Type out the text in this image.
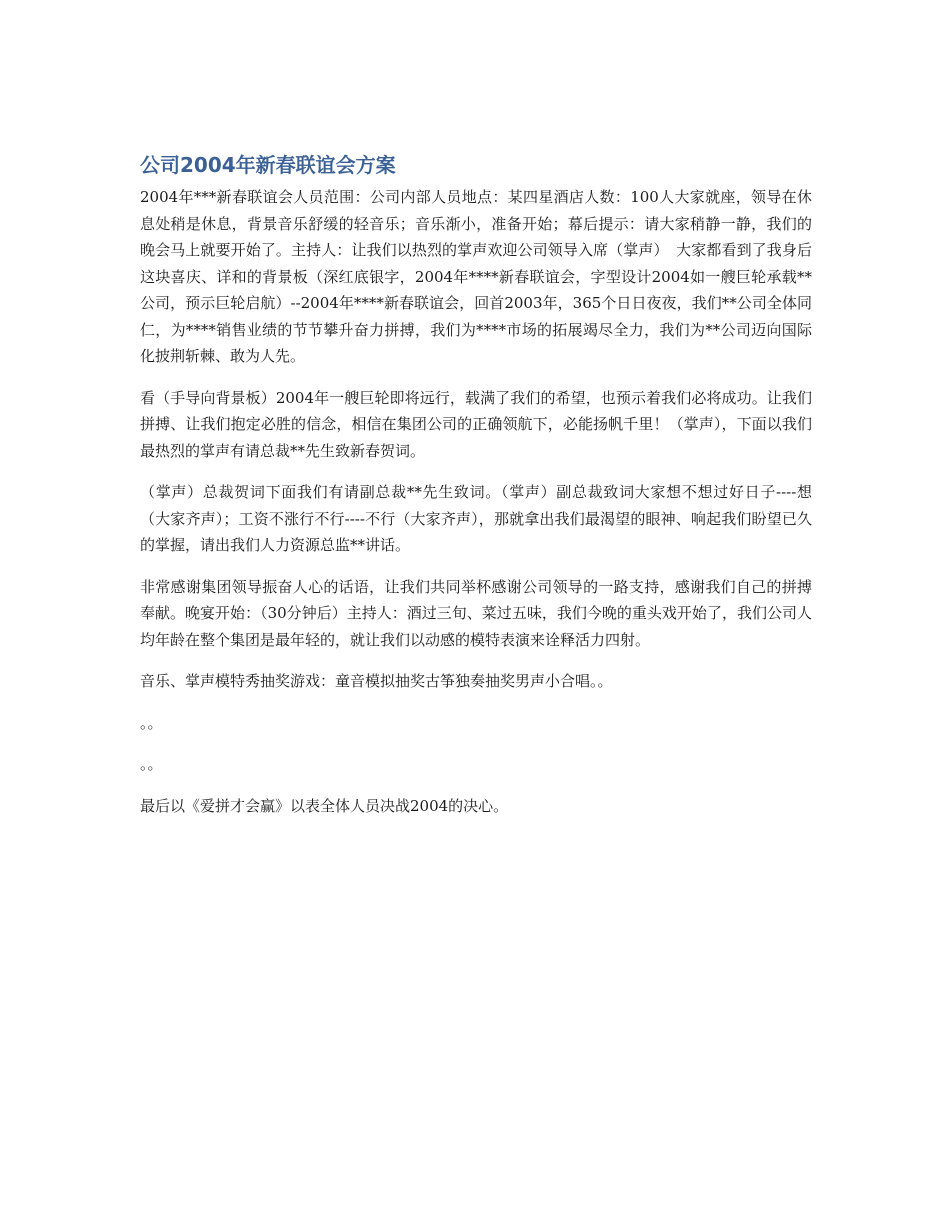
公司2004年新春联谊会方案

2004年***新春联谊会人员范围：公司内部人员地点：某四星酒店人数：100人大家就座，领导在休息处稍是休息，背景音乐舒缓的轻音乐；音乐渐小，准备开始；幕后提示：请大家稍静一静，我们的晚会马上就要开始了。主持人：让我们以热烈的掌声欢迎公司领导入席（掌声）　大家都看到了我身后这块喜庆、详和的背景板（深红底银字，2004年****新春联谊会，字型设计2004如一艘巨轮承载**公司，预示巨轮启航）--2004年****新春联谊会，回首2003年，365个日日夜夜，我们**公司全体同仁，为****销售业绩的节节攀升奋力拼搏，我们为****市场的拓展竭尽全力，我们为**公司迈向国际化披荆斩棘、敢为人先。

看（手导向背景板）2004年一艘巨轮即将远行，载满了我们的希望，也预示着我们必将成功。让我们拼搏、让我们抱定必胜的信念，相信在集团公司的正确领航下，必能扬帆千里！（掌声），下面以我们最热烈的掌声有请总裁**先生致新春贺词。

（掌声）总裁贺词下面我们有请副总裁**先生致词。（掌声）副总裁致词大家想不想过好日子----想（大家齐声）；工资不涨行不行----不行（大家齐声），那就拿出我们最渴望的眼神、响起我们盼望已久的掌握，请出我们人力资源总监**讲话。

非常感谢集团领导振奋人心的话语，让我们共同举杯感谢公司领导的一路支持，感谢我们自己的拼搏奉献。晚宴开始：（30分钟后）主持人：酒过三旬、菜过五味，我们今晚的重头戏开始了，我们公司人均年龄在整个集团是最年轻的，就让我们以动感的模特表演来诠释活力四射。

音乐、掌声模特秀抽奖游戏：童音模拟抽奖古筝独奏抽奖男声小合唱。。

。。

。。

最后以《爱拼才会赢》以表全体人员决战2004的决心。
